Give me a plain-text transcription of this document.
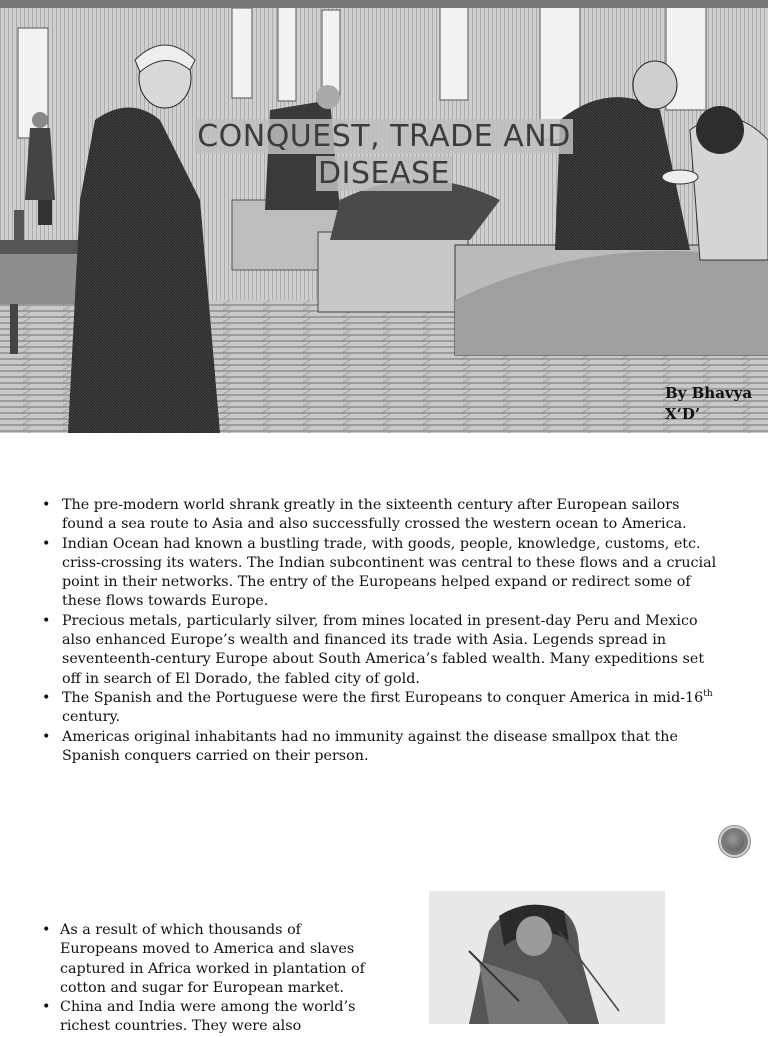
CONQUEST, TRADE AND
DISEASE
By Bhavya
X‘D’
• The pre-modern world shrank greatly in the sixteenth century after European sailors found a sea route to Asia and also successfully crossed the western ocean to America.
• Indian Ocean had known a bustling trade, with goods, people, knowledge, customs, etc. criss-crossing its waters. The Indian subcontinent was central to these flows and a crucial point in their networks. The entry of the Europeans helped expand or redirect some of these flows towards Europe.
• Precious metals, particularly silver, from mines located in present-day Peru and Mexico also enhanced Europe’s wealth and financed its trade with Asia. Legends spread in seventeenth-century Europe about South America’s fabled wealth. Many expeditions set off in search of El Dorado, the fabled city of gold.
• The Spanish and the Portuguese were the first Europeans to conquer America in mid-16th
century.
• Americas original inhabitants had no immunity against the disease smallpox that the Spanish conquers carried on their person.
• As a result of which thousands of Europeans moved to America and slaves captured in Africa worked in plantation of cotton and sugar for European market.
• China and India were among the world’s richest countries. They were also
